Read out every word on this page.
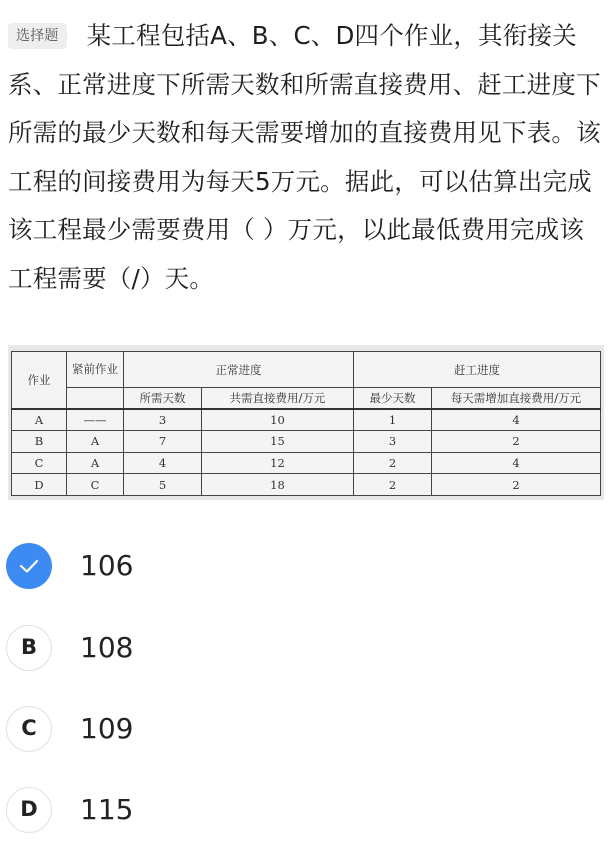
选择题 某工程包括A、B、C、D四个作业，其衔接关系、正常进度下所需天数和所需直接费用、赶工进度下所需的最少天数和每天需要增加的直接费用见下表。该工程的间接费用为每天5万元。据此，可以估算出完成该工程最少需要费用（ ）万元，以此最低费用完成该工程需要（/）天。
作业	紧前作业	正常进度		赶工进度	
		所需天数	共需直接费用/万元	最少天数	每天需增加直接费用/万元
A	——	3	10	1	4
B	A	7	15	3	2
C	A	4	12	2	4
D	C	5	18	2	2
106
B	108
C	109
D	115
